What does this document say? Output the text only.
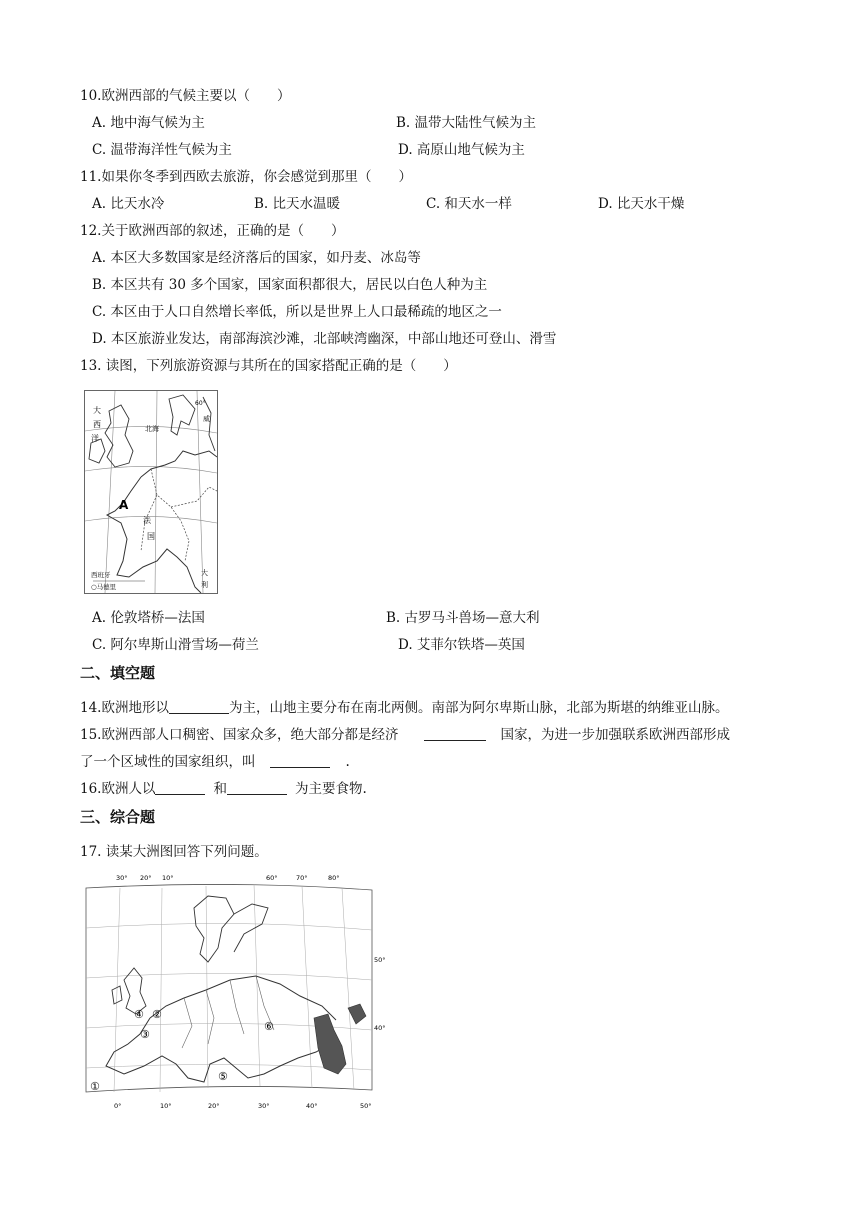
10.欧洲西部的气候主要以（　　）
A. 地中海气候为主	B. 温带大陆性气候为主
C. 温带海洋性气候为主	D. 高原山地气候为主
11.如果你冬季到西欧去旅游，你会感觉到那里（　　）
A. 比天水冷	B. 比天水温暖	C. 和天水一样	D. 比天水干燥
12.关于欧洲西部的叙述，正确的是（　　）
A. 本区大多数国家是经济落后的国家，如丹麦、冰岛等
B. 本区共有 30 多个国家，国家面积都很大，居民以白色人种为主
C. 本区由于人口自然增长率低，所以是世界上人口最稀疏的地区之一
D. 本区旅游业发达，南部海滨沙滩，北部峡湾幽深，中部山地还可登山、滑雪
13. 读图，下列旅游资源与其所在的国家搭配正确的是（　　）
大
西
洋
北海
A
法
国
西班牙
○马德里
大
利
60°
威
A. 伦敦塔桥—法国	B. 古罗马斗兽场—意大利
C. 阿尔卑斯山滑雪场—荷兰	D. 艾菲尔铁塔—英国
二、填空题
14.欧洲地形以	为主，山地主要分布在南北两侧。南部为阿尔卑斯山脉，北部为斯堪的纳维亚山脉。
15.欧洲西部人口稠密、国家众多，绝大部分都是经济	国家，为进一步加强联系欧洲西部形成
了一个区域性的国家组织，叫	.
16.欧洲人以	和	为主要食物.
三、综合题
17. 读某大洲图回答下列问题。
30° 20° 10°	60°	70°	80°
④ ②
③
⑥
⑤
①
50°
40°
0°	10°	20°	30°	40°	50°
